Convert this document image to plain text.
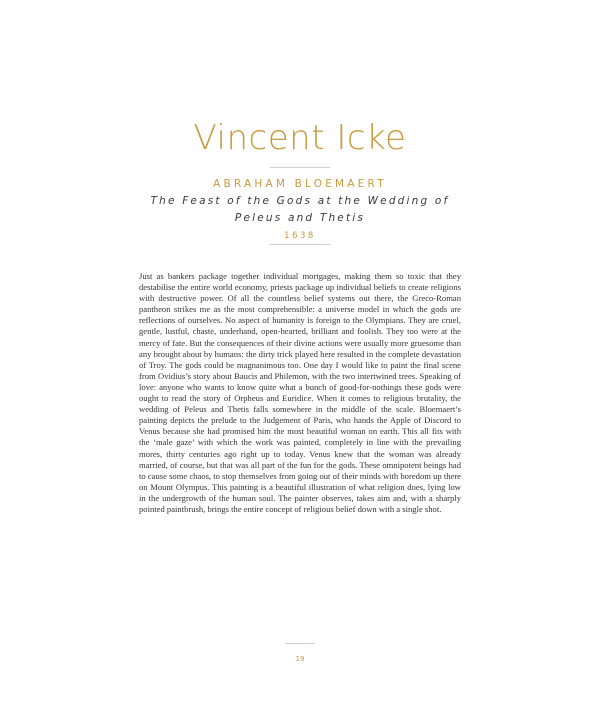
Vincent Icke

ABRAHAM BLOEMAERT

The Feast of the Gods at the Wedding of Peleus and Thetis

1638

Just as bankers package together individual mortgages, making them so toxic that they destabilise the entire world economy, priests package up individual beliefs to create religions with destructive power. Of all the countless belief systems out there, the Greco-Roman pantheon strikes me as the most comprehensible: a universe model in which the gods are reflections of ourselves. No aspect of humanity is foreign to the Olympians. They are cruel, gentle, lustful, chaste, underhand, open-hearted, brilliant and foolish. They too were at the mercy of fate. But the consequences of their divine actions were usually more gruesome than any brought about by humans: the dirty trick played here resulted in the complete devastation of Troy. The gods could be magnanimous too. One day I would like to paint the final scene from Ovidius’s story about Baucis and Philemon, with the two intertwined trees. Speaking of love: anyone who wants to know quite what a bunch of good-for-nothings these gods were ought to read the story of Orpheus and Euridice. When it comes to religious brutality, the wedding of Peleus and Thetis falls somewhere in the middle of the scale. Bloemaert’s painting depicts the prelude to the Judgement of Paris, who hands the Apple of Discord to Venus because she had promised him the most beautiful woman on earth. This all fits with the ‘male gaze’ with which the work was painted, completely in line with the prevailing mores, thirty centuries ago right up to today. Venus knew that the woman was already married, of course, but that was all part of the fun for the gods. These omnipotent beings had to cause some chaos, to stop themselves from going out of their minds with boredom up there on Mount Olympus. This painting is a beautiful illustration of what religion does, lying low in the undergrowth of the human soul. The painter observes, takes aim and, with a sharply pointed paintbrush, brings the entire concept of religious belief down with a single shot.

19
